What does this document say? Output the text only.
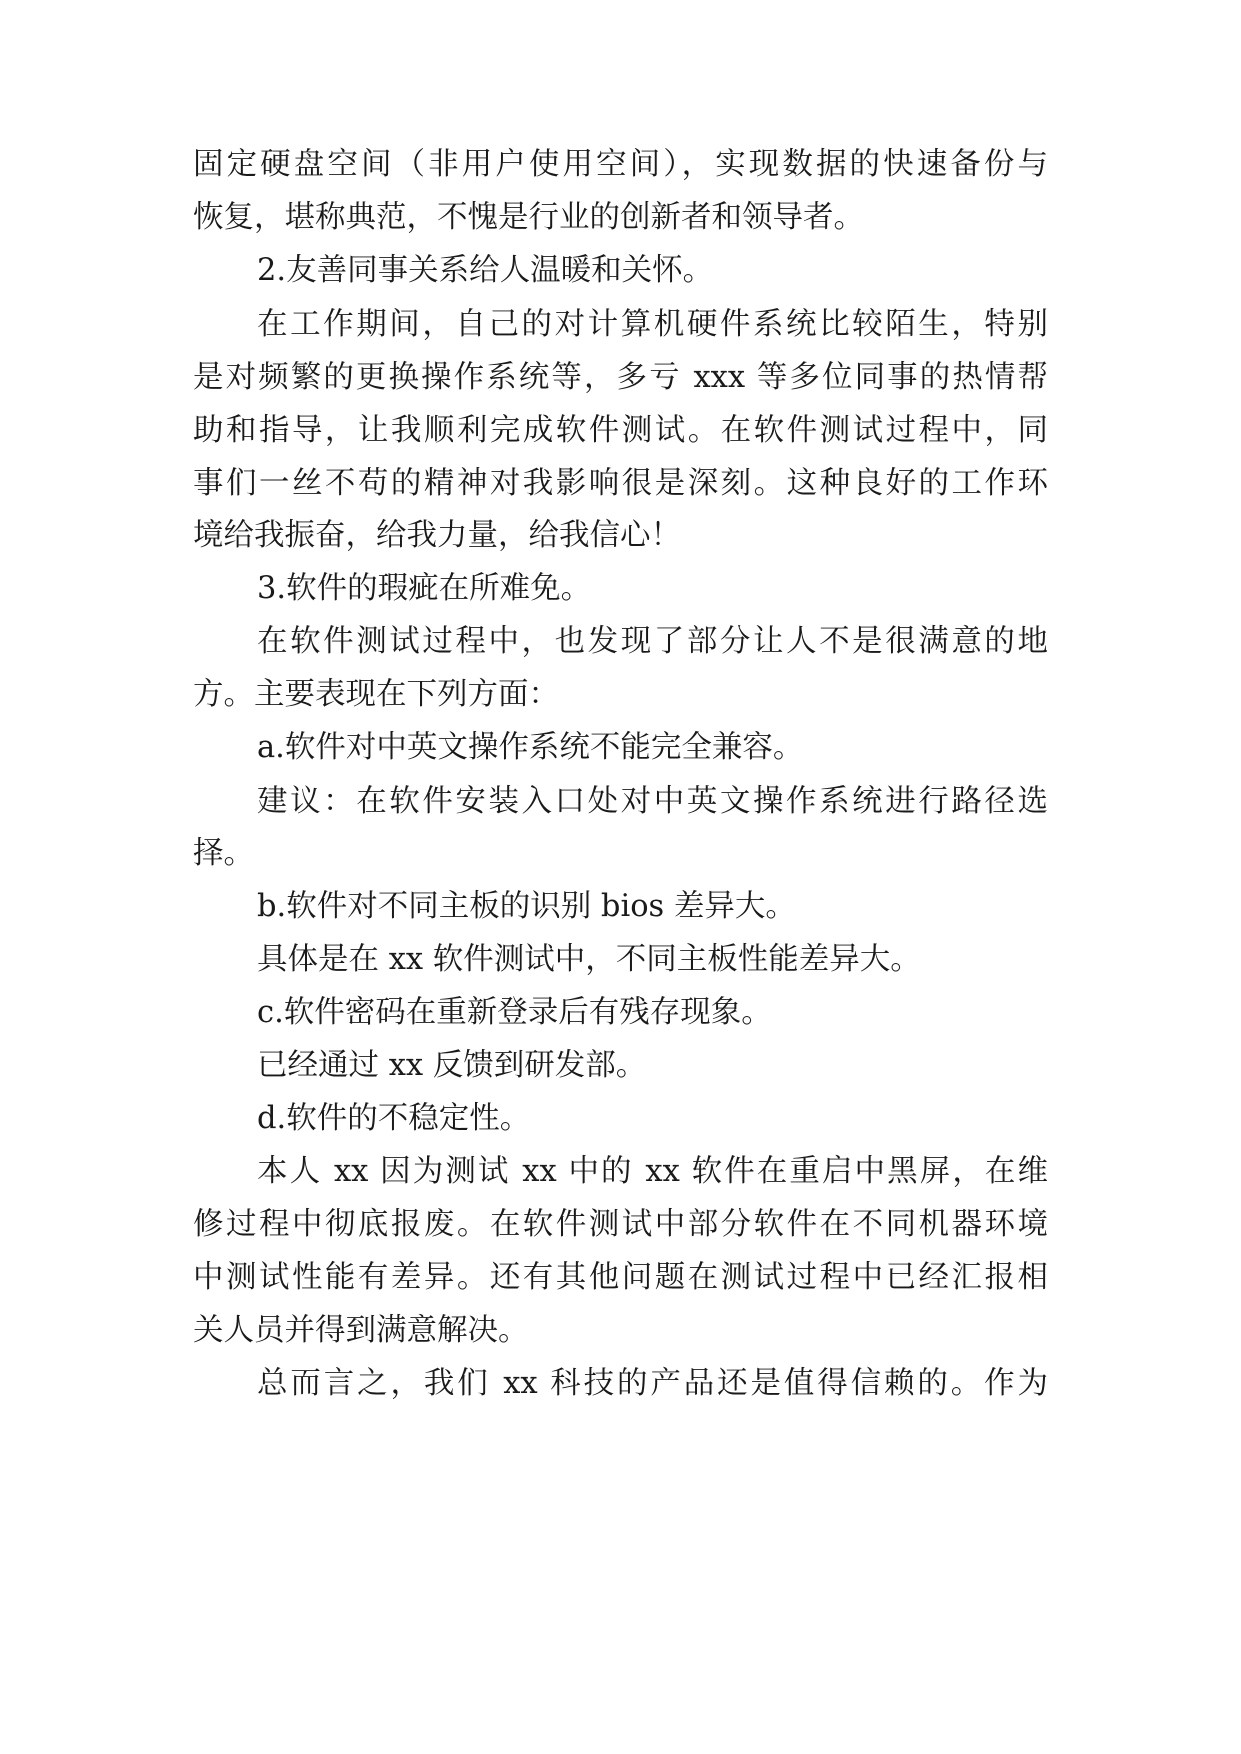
固定硬盘空间（非用户使用空间），实现数据的快速备份与
恢复，堪称典范，不愧是行业的创新者和领导者。
2.友善同事关系给人温暖和关怀。
在工作期间，自己的对计算机硬件系统比较陌生，特别
是对频繁的更换操作系统等，多亏 xxx 等多位同事的热情帮
助和指导，让我顺利完成软件测试。在软件测试过程中，同
事们一丝不苟的精神对我影响很是深刻。这种良好的工作环
境给我振奋，给我力量，给我信心！
3.软件的瑕疵在所难免。
在软件测试过程中，也发现了部分让人不是很满意的地
方。主要表现在下列方面：
a.软件对中英文操作系统不能完全兼容。
建议：在软件安装入口处对中英文操作系统进行路径选
择。
b.软件对不同主板的识别 bios 差异大。
具体是在 xx 软件测试中，不同主板性能差异大。
c.软件密码在重新登录后有残存现象。
已经通过 xx 反馈到研发部。
d.软件的不稳定性。
本人 xx 因为测试 xx 中的 xx 软件在重启中黑屏，在维
修过程中彻底报废。在软件测试中部分软件在不同机器环境
中测试性能有差异。还有其他问题在测试过程中已经汇报相
关人员并得到满意解决。
总而言之，我们 xx 科技的产品还是值得信赖的。作为
